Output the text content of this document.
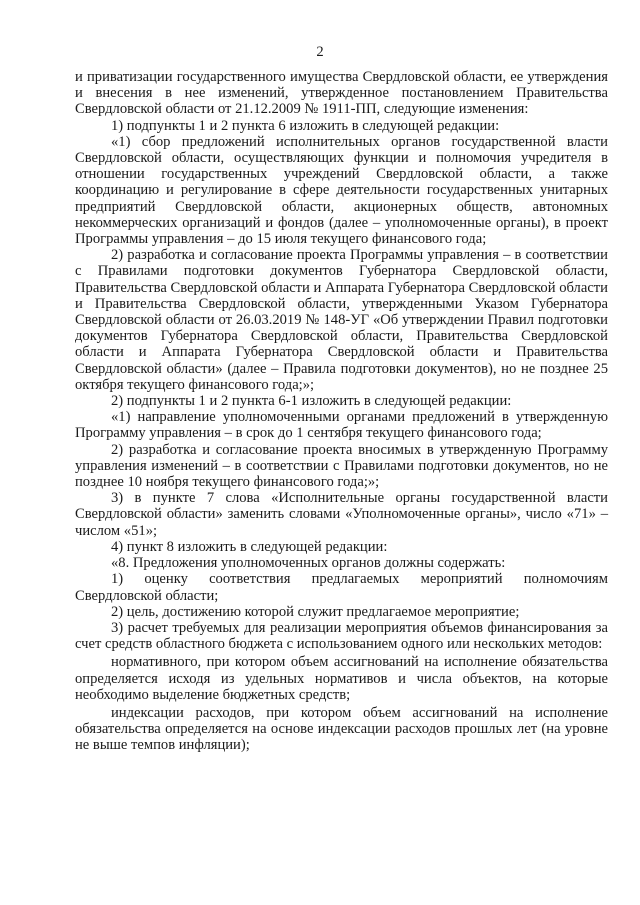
2

и приватизации государственного имущества Свердловской области, ее утверждения и внесения в нее изменений, утвержденное постановлением Правительства Свердловской области от 21.12.2009 № 1911-ПП, следующие изменения:

1) подпункты 1 и 2 пункта 6 изложить в следующей редакции:

«1) сбор предложений исполнительных органов государственной власти Свердловской области, осуществляющих функции и полномочия учредителя в отношении государственных учреждений Свердловской области, а также координацию и регулирование в сфере деятельности государственных унитарных предприятий Свердловской области, акционерных обществ, автономных некоммерческих организаций и фондов (далее – уполномоченные органы), в проект Программы управления – до 15 июля текущего финансового года;

2) разработка и согласование проекта Программы управления – в соответствии с Правилами подготовки документов Губернатора Свердловской области, Правительства Свердловской области и Аппарата Губернатора Свердловской области и Правительства Свердловской области, утвержденными Указом Губернатора Свердловской области от 26.03.2019 № 148-УГ «Об утверждении Правил подготовки документов Губернатора Свердловской области, Правительства Свердловской области и Аппарата Губернатора Свердловской области и Правительства Свердловской области» (далее – Правила подготовки документов), но не позднее 25 октября текущего финансового года;»;

2) подпункты 1 и 2 пункта 6-1 изложить в следующей редакции:

«1) направление уполномоченными органами предложений в утвержденную Программу управления – в срок до 1 сентября текущего финансового года;

2) разработка и согласование проекта вносимых в утвержденную Программу управления изменений – в соответствии с Правилами подготовки документов, но не позднее 10 ноября текущего финансового года;»;

3) в пункте 7 слова «Исполнительные органы государственной власти Свердловской области» заменить словами «Уполномоченные органы», число «71» – числом «51»;

4) пункт 8 изложить в следующей редакции:

«8. Предложения уполномоченных органов должны содержать:

1) оценку соответствия предлагаемых мероприятий полномочиям Свердловской области;

2) цель, достижению которой служит предлагаемое мероприятие;

3) расчет требуемых для реализации мероприятия объемов финансирования за счет средств областного бюджета с использованием одного или нескольких методов:

нормативного, при котором объем ассигнований на исполнение обязательства определяется исходя из удельных нормативов и числа объектов, на которые необходимо выделение бюджетных средств;

индексации расходов, при котором объем ассигнований на исполнение обязательства определяется на основе индексации расходов прошлых лет (на уровне не выше темпов инфляции);
